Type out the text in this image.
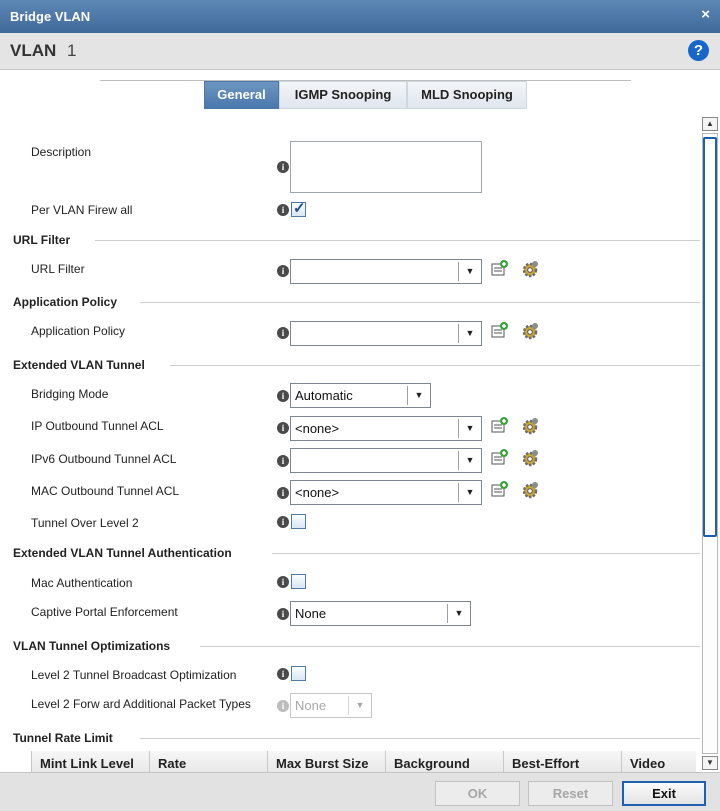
Bridge VLAN	×
VLAN 1	?
General	IGMP Snooping	MLD Snooping
Description
i
Per VLAN Firew all	i ✓
URL Filter
URL Filter	i	▼
Application Policy
Application Policy	i	▼
Extended VLAN Tunnel
Bridging Mode	i Automatic	▼
IP Outbound Tunnel ACL	i <none>	▼
IPv6 Outbound Tunnel ACL	i	▼
MAC Outbound Tunnel ACL	i <none>	▼
Tunnel Over Level 2	i
Extended VLAN Tunnel Authentication
Mac Authentication	i
Captive Portal Enforcement	i None	▼
VLAN Tunnel Optimizations
Level 2 Tunnel Broadcast Optimization	i
Level 2 Forw ard Additional Packet Types	i None	▼
Tunnel Rate Limit
Mint Link Level	Rate	Max Burst Size	Background	Best-Effort	Video
▲
▼
OK	Reset	Exit
